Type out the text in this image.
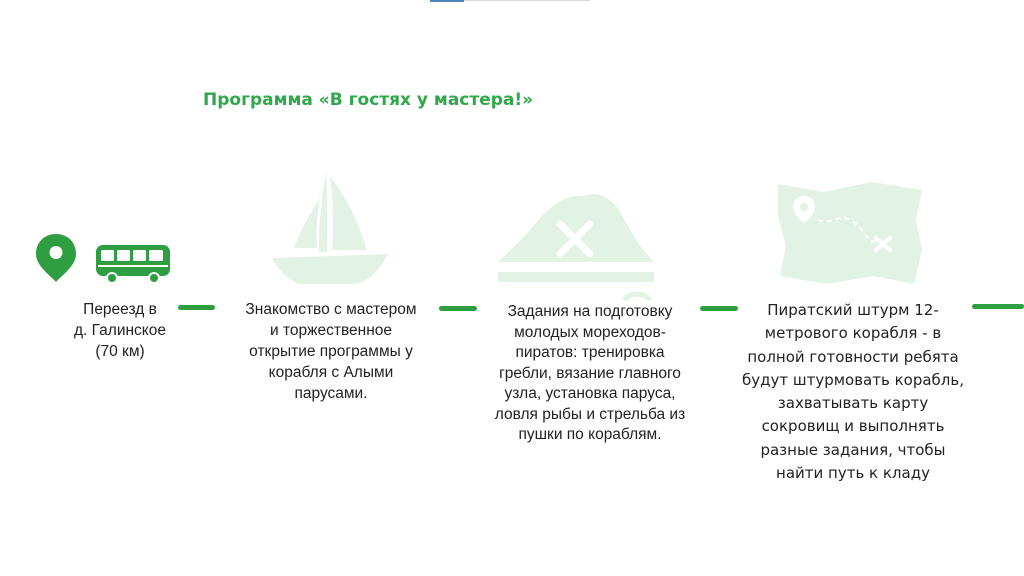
Программа «В гостях у мастера!»
Переезд в
д. Галинское
(70 км)
Знакомство с мастером
и торжественное
открытие программы у
корабля с Алыми
парусами.
Задания на подготовку
молодых мореходов-
пиратов: тренировка
гребли, вязание главного
узла, установка паруса,
ловля рыбы и стрельба из
пушки по кораблям.
Пиратский штурм 12-
метрового корабля - в
полной готовности ребята
будут штурмовать корабль,
захватывать карту
сокровищ и выполнять
разные задания, чтобы
найти путь к кладу
